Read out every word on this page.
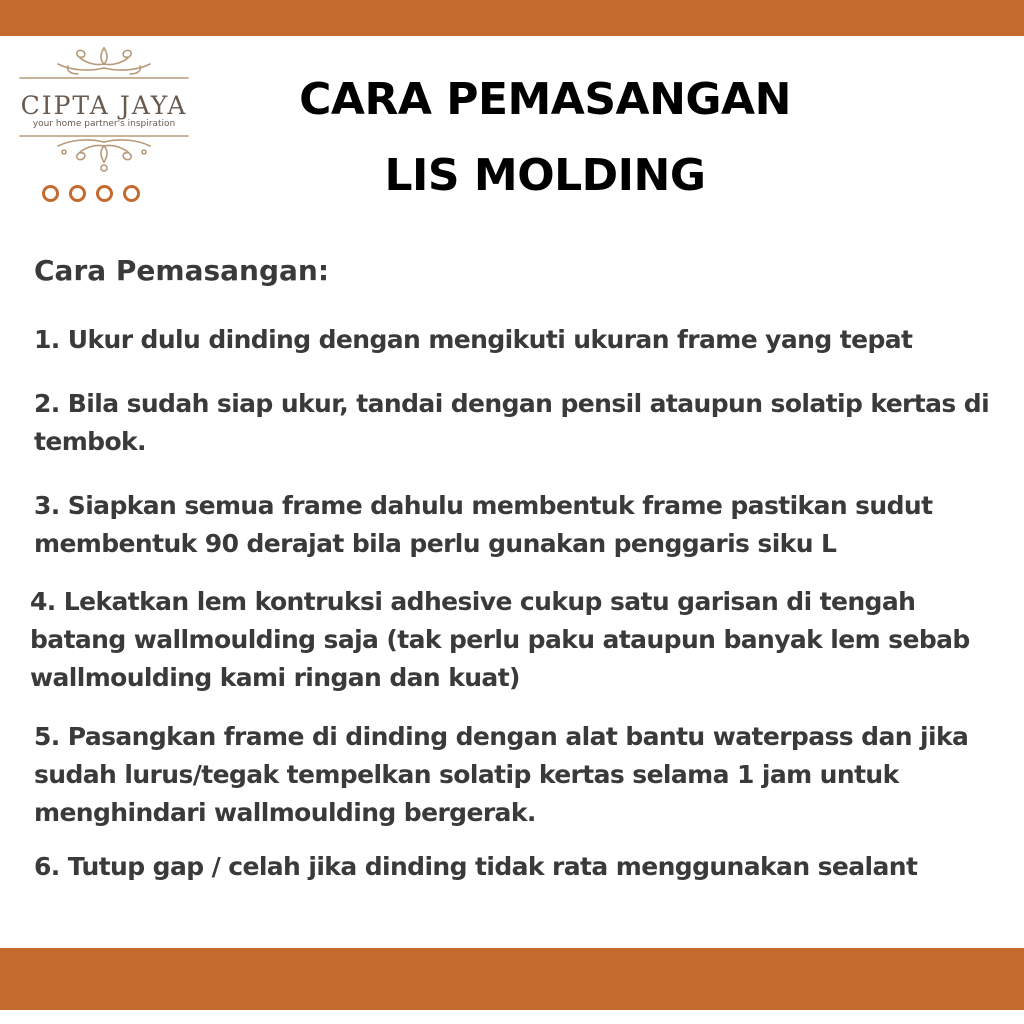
CIPTA JAYA
your home partner's inspiration	CARA PEMASANGAN
LIS MOLDING
Cara Pemasangan:
1. Ukur dulu dinding dengan mengikuti ukuran frame yang tepat
2. Bila sudah siap ukur, tandai dengan pensil ataupun solatip kertas di tembok.
3. Siapkan semua frame dahulu membentuk frame pastikan sudut membentuk 90 derajat bila perlu gunakan penggaris siku L
4. Lekatkan lem kontruksi adhesive cukup satu garisan di tengah batang wallmoulding saja (tak perlu paku ataupun banyak lem sebab wallmoulding kami ringan dan kuat)
5. Pasangkan frame di dinding dengan alat bantu waterpass dan jika sudah lurus/tegak tempelkan solatip kertas selama 1 jam untuk menghindari wallmoulding bergerak.
6. Tutup gap / celah jika dinding tidak rata menggunakan sealant
